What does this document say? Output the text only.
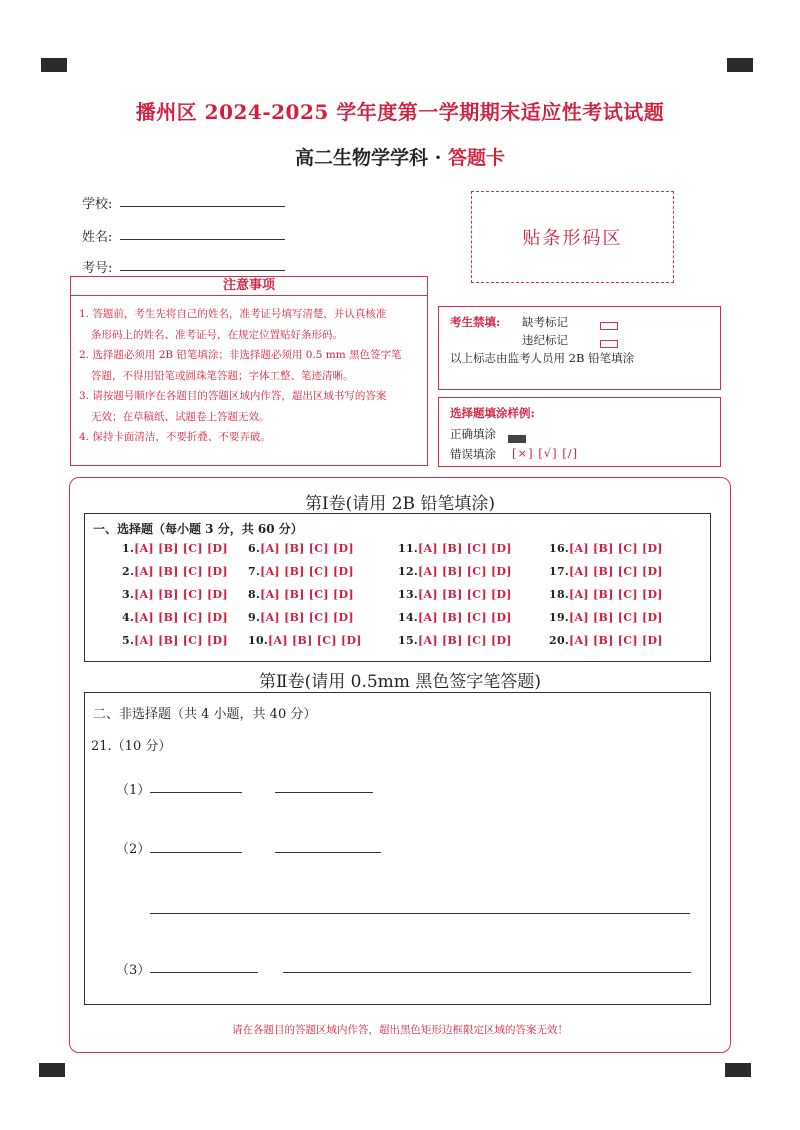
播州区 2024-2025 学年度第一学期期末适应性考试试题
高二生物学学科 · 答题卡
学校:
姓名:
考号:
贴条形码区
注意事项
1. 答题前，考生先将自己的姓名，准考证号填写清楚，并认真核准
条形码上的姓名、准考证号，在规定位置贴好条形码。
2. 选择题必须用 2B 铅笔填涂；非选择题必须用 0.5 mm 黑色签字笔
答题，不得用铅笔或圆珠笔答题；字体工整、笔迹清晰。
3. 请按题号顺序在各题目的答题区域内作答，超出区域书写的答案
无效；在草稿纸、试题卷上答题无效。
4. 保持卡面清洁，不要折叠、不要弄破。
考生禁填: 缺考标记
违纪标记
以上标志由监考人员用 2B 铅笔填涂
选择题填涂样例:
正确填涂
错误填涂 [×] [√] [/]
第Ⅰ卷(请用 2B 铅笔填涂)
一、选择题（每小题 3 分，共 60 分）
1.[A] [B] [C] [D] 6.[A] [B] [C] [D]	11.[A] [B] [C] [D]	16.[A] [B] [C] [D]
2.[A] [B] [C] [D] 7.[A] [B] [C] [D]	12.[A] [B] [C] [D]	17.[A] [B] [C] [D]
3.[A] [B] [C] [D] 8.[A] [B] [C] [D]	13.[A] [B] [C] [D]	18.[A] [B] [C] [D]
4.[A] [B] [C] [D] 9.[A] [B] [C] [D]	14.[A] [B] [C] [D]	19.[A] [B] [C] [D]
5.[A] [B] [C] [D] 10.[A] [B] [C] [D]	15.[A] [B] [C] [D]	20.[A] [B] [C] [D]
第Ⅱ卷(请用 0.5mm 黑色签字笔答题)
二、非选择题（共 4 小题，共 40 分）
21.（10 分）
（1）
（2）
（3）
请在各题目的答题区域内作答，超出黑色矩形边框限定区域的答案无效！
